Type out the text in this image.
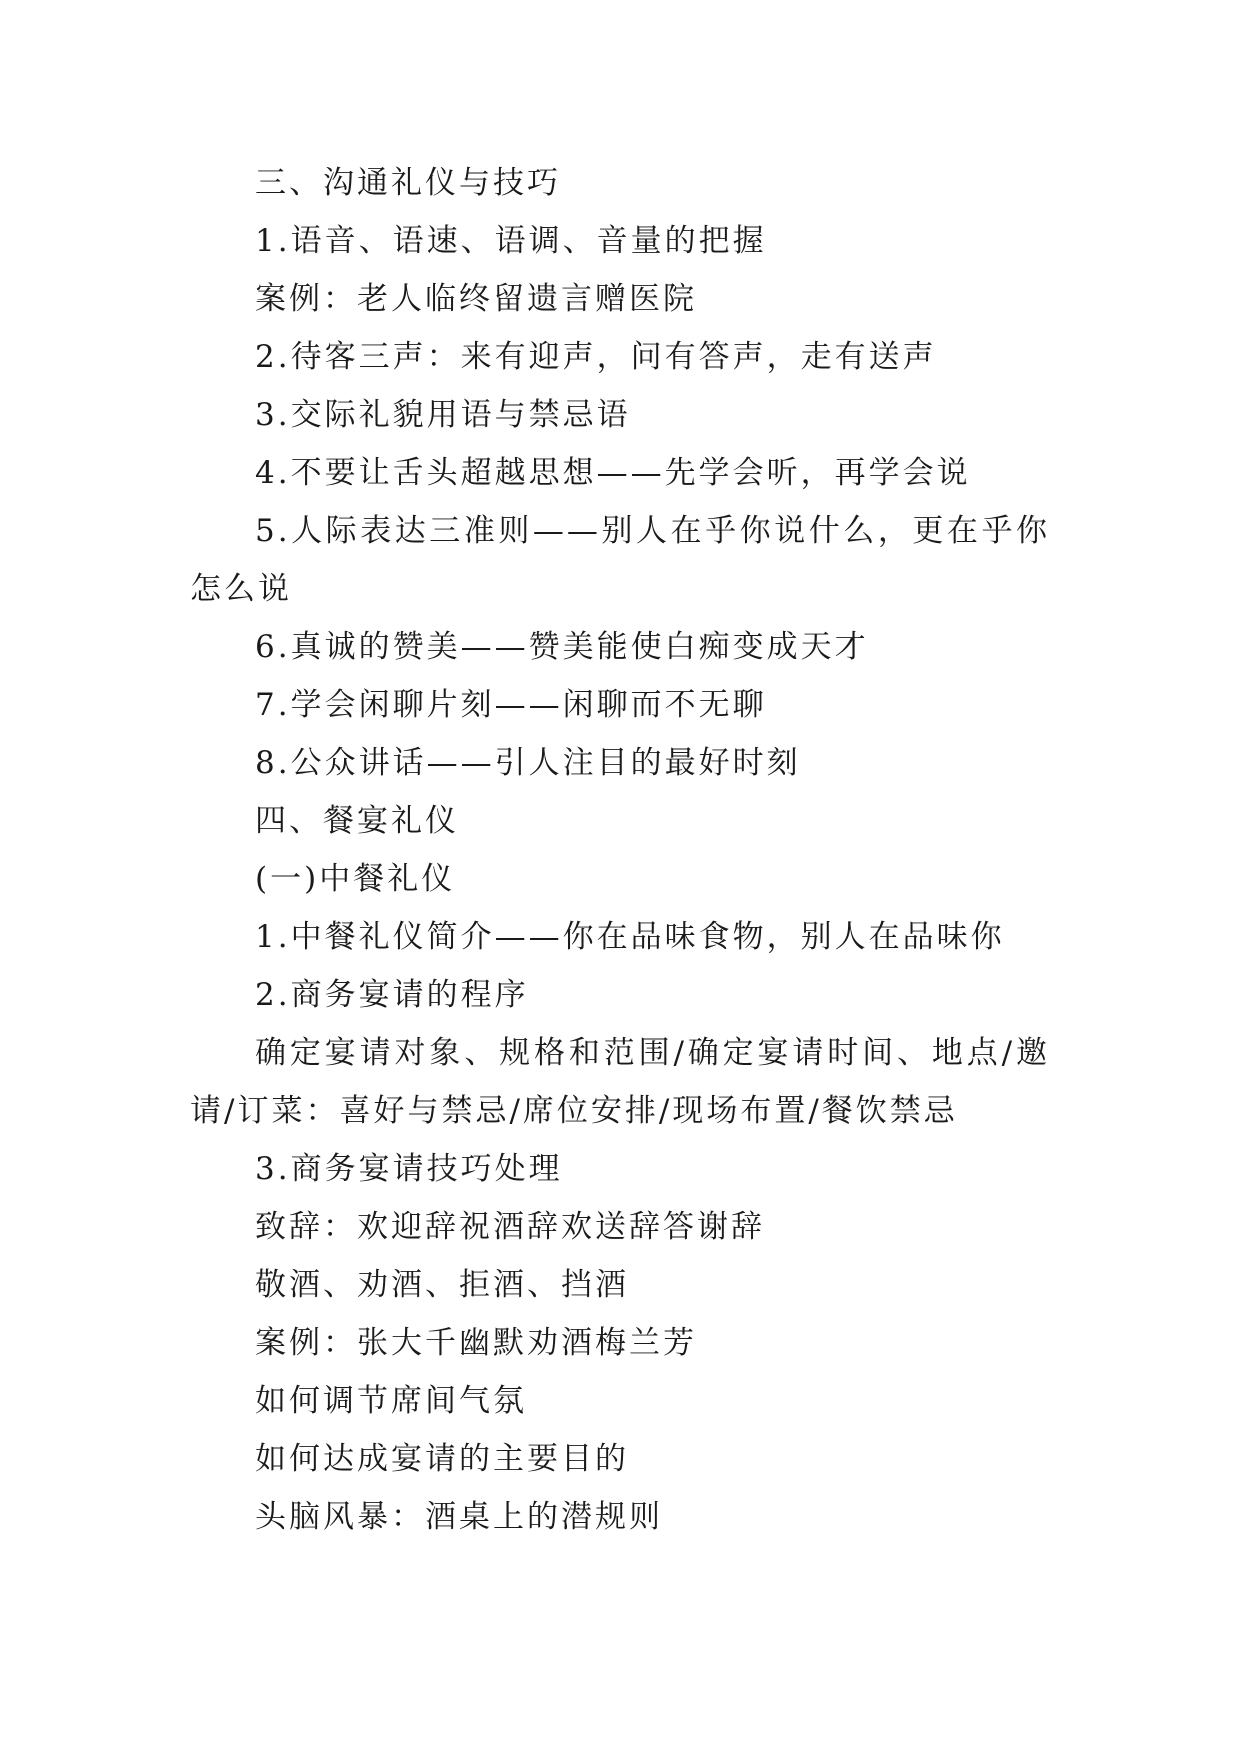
三、沟通礼仪与技巧

1.语音、语速、语调、音量的把握

案例：老人临终留遗言赠医院

2.待客三声：来有迎声，问有答声，走有送声

3.交际礼貌用语与禁忌语

4.不要让舌头超越思想——先学会听，再学会说

5.人际表达三准则——别人在乎你说什么，更在乎你怎么说

6.真诚的赞美——赞美能使白痴变成天才

7.学会闲聊片刻——闲聊而不无聊

8.公众讲话——引人注目的最好时刻

四、餐宴礼仪

(一)中餐礼仪

1.中餐礼仪简介——你在品味食物，别人在品味你

2.商务宴请的程序

确定宴请对象、规格和范围/确定宴请时间、地点/邀请/订菜：喜好与禁忌/席位安排/现场布置/餐饮禁忌

3.商务宴请技巧处理

致辞：欢迎辞祝酒辞欢送辞答谢辞

敬酒、劝酒、拒酒、挡酒

案例：张大千幽默劝酒梅兰芳

如何调节席间气氛

如何达成宴请的主要目的

头脑风暴：酒桌上的潜规则
